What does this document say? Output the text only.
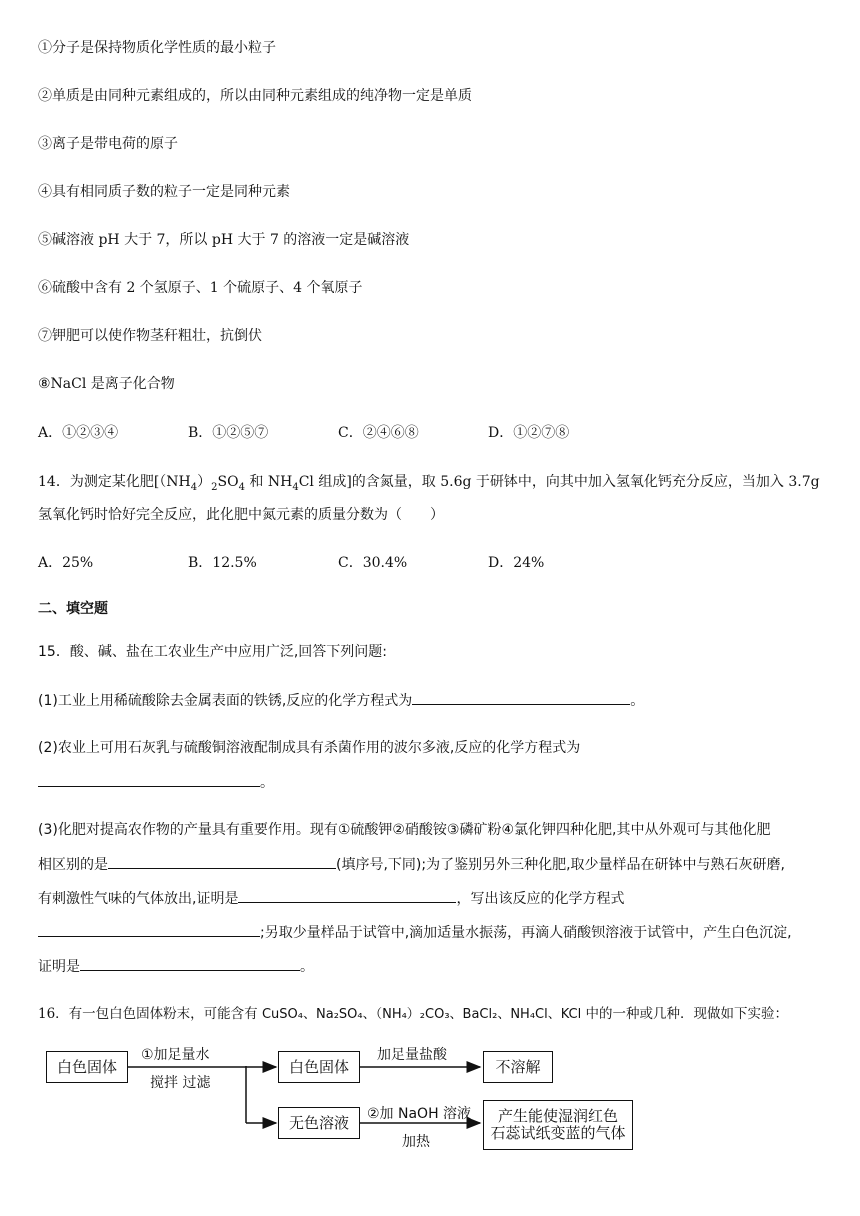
①分子是保持物质化学性质的最小粒子
②单质是由同种元素组成的，所以由同种元素组成的纯净物一定是单质
③离子是带电荷的原子
④具有相同质子数的粒子一定是同种元素
⑤碱溶液 pH 大于 7，所以 pH 大于 7 的溶液一定是碱溶液
⑥硫酸中含有 2 个氢原子、1 个硫原子、4 个氧原子
⑦钾肥可以使作物茎秆粗壮，抗倒伏
⑧NaCl 是离子化合物
A．①②③④	B．①②⑤⑦	C．②④⑥⑧	D．①②⑦⑧
14．为测定某化肥[$(NH_4)_2SO_4$ 和 $NH_4Cl$ 组成]的含氮量，取 5.6g 于研钵中，向其中加入氢氧化钙充分反应，当加入 3.7g
氢氧化钙时恰好完全反应，此化肥中氮元素的质量分数为（　　）
A．25%	B．12.5%	C．30.4%	D．24%
二、填空题
15．酸、碱、盐在工农业生产中应用广泛,回答下列问题:
(1)工业上用稀硫酸除去金属表面的铁锈,反应的化学方程式为	。
(2)农业上可用石灰乳与硫酸铜溶液配制成具有杀菌作用的波尔多液,反应的化学方程式为
。
(3)化肥对提高农作物的产量具有重要作用。现有①硫酸钾②硝酸铵③磷矿粉④氯化钾四种化肥,其中从外观可与其他化肥
相区别的是	(填序号,下同);为了鉴别另外三种化肥,取少量样品在研钵中与熟石灰研磨,
有刺激性气味的气体放出,证明是	，写出该反应的化学方程式
;另取少量样品于试管中,滴加适量水振荡，再滴人硝酸钡溶液于试管中，产生白色沉淀,
证明是	。
16．有一包白色固体粉末，可能含有 CuSO₄、Na₂SO₄、（NH₄）₂CO₃、BaCl₂、NH₄Cl、KCl 中的一种或几种．现做如下实验：
白色固体
①加足量水
搅拌 过滤
白色固体
加足量盐酸
不溶解
无色溶液	②加 NaOH 溶液
加热
产生能使湿润红色
石蕊试纸变蓝的气体
